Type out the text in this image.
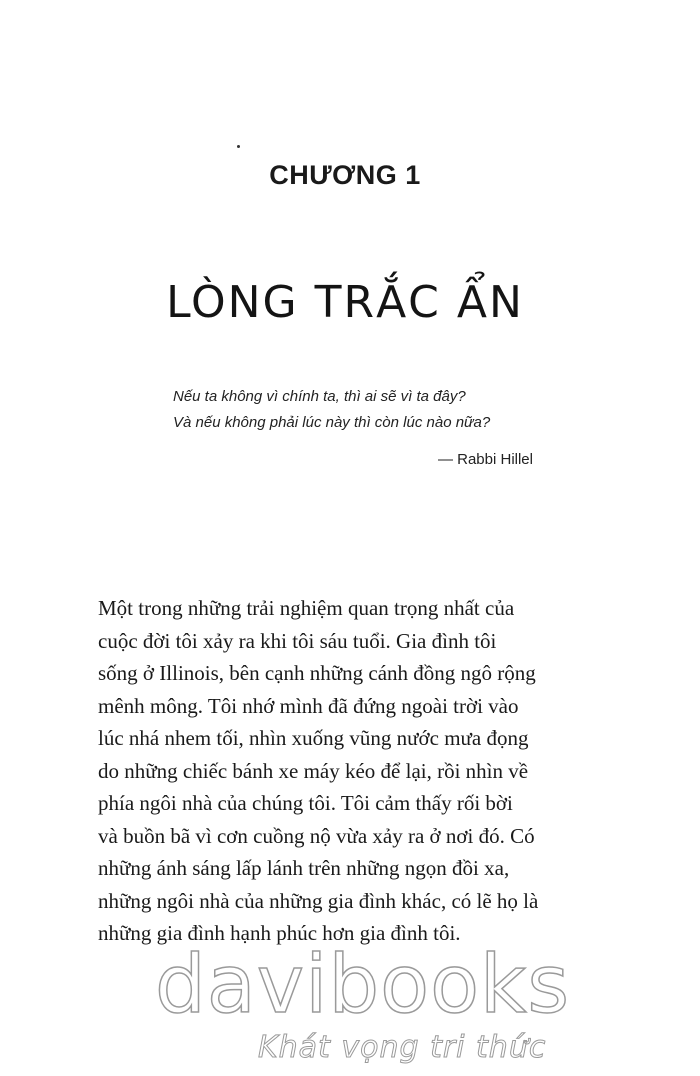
CHƯƠNG 1
LÒNG TRẮC ẨN
Nếu ta không vì chính ta, thì ai sẽ vì ta đây?
Và nếu không phải lúc này thì còn lúc nào nữa?
— Rabbi Hillel
Một trong những trải nghiệm quan trọng nhất của
cuộc đời tôi xảy ra khi tôi sáu tuổi. Gia đình tôi
sống ở Illinois, bên cạnh những cánh đồng ngô rộng
mênh mông. Tôi nhớ mình đã đứng ngoài trời vào
lúc nhá nhem tối, nhìn xuống vũng nước mưa đọng
do những chiếc bánh xe máy kéo để lại, rồi nhìn về
phía ngôi nhà của chúng tôi. Tôi cảm thấy rối bời
và buồn bã vì cơn cuồng nộ vừa xảy ra ở nơi đó. Có
những ánh sáng lấp lánh trên những ngọn đồi xa,
những ngôi nhà của những gia đình khác, có lẽ họ là
những gia đình hạnh phúc hơn gia đình tôi.
davibooks
Khát vọng tri thức
